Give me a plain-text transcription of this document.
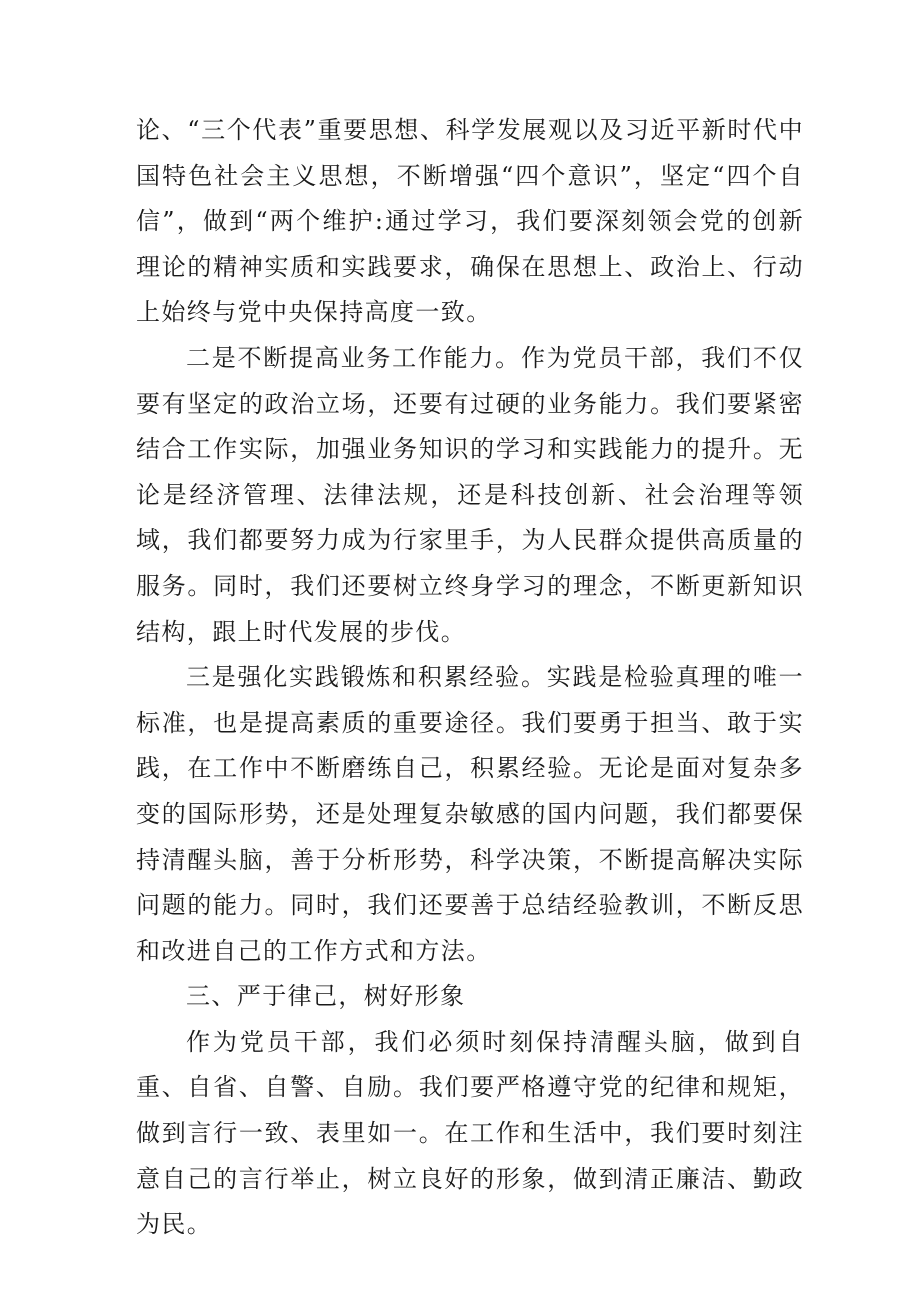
论、“三个代表”重要思想、科学发展观以及习近平新时代中国特色社会主义思想，不断增强“四个意识”，坚定“四个自信”，做到“两个维护:通过学习，我们要深刻领会党的创新理论的精神实质和实践要求，确保在思想上、政治上、行动上始终与党中央保持高度一致。

二是不断提高业务工作能力。作为党员干部，我们不仅要有坚定的政治立场，还要有过硬的业务能力。我们要紧密结合工作实际，加强业务知识的学习和实践能力的提升。无论是经济管理、法律法规，还是科技创新、社会治理等领域，我们都要努力成为行家里手，为人民群众提供高质量的服务。同时，我们还要树立终身学习的理念，不断更新知识结构，跟上时代发展的步伐。

三是强化实践锻炼和积累经验。实践是检验真理的唯一标准，也是提高素质的重要途径。我们要勇于担当、敢于实践，在工作中不断磨练自己，积累经验。无论是面对复杂多变的国际形势，还是处理复杂敏感的国内问题，我们都要保持清醒头脑，善于分析形势，科学决策，不断提高解决实际问题的能力。同时，我们还要善于总结经验教训，不断反思和改进自己的工作方式和方法。

三、严于律己，树好形象

作为党员干部，我们必须时刻保持清醒头脑，做到自重、自省、自警、自励。我们要严格遵守党的纪律和规矩，做到言行一致、表里如一。在工作和生活中，我们要时刻注意自己的言行举止，树立良好的形象，做到清正廉洁、勤政为民。
